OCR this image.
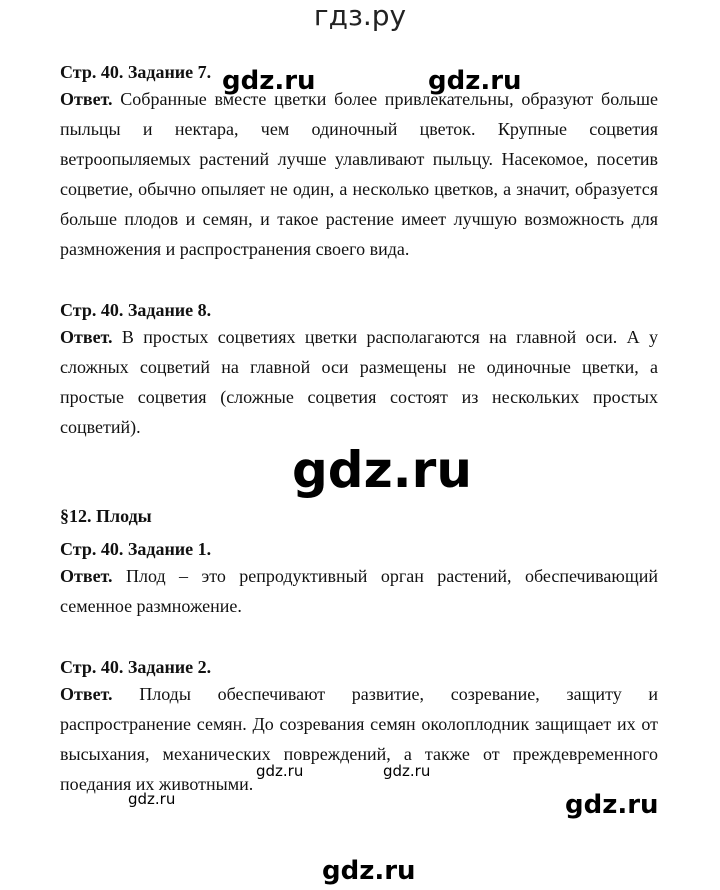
гдз.ру

Стр. 40. Задание 7.

Ответ. Собранные вместе цветки более привлекательны, образуют больше пыльцы и нектара, чем одиночный цветок. Крупные соцветия ветроопыляемых растений лучше улавливают пыльцу. Насекомое, посетив соцветие, обычно опыляет не один, а несколько цветков, а значит, образуется больше плодов и семян, и такое растение имеет лучшую возможность для размножения и распространения своего вида.

Стр. 40. Задание 8.

Ответ. В простых соцветиях цветки располагаются на главной оси. А у сложных соцветий на главной оси размещены не одиночные цветки, а простые соцветия (сложные соцветия состоят из нескольких простых соцветий).

§12. Плоды

Стр. 40. Задание 1.

Ответ. Плод – это репродуктивный орган растений, обеспечивающий семенное размножение.

Стр. 40. Задание 2.

Ответ. Плоды обеспечивают развитие, созревание, защиту и распространение семян. До созревания семян околоплодник защищает их от высыхания, механических повреждений, а также от преждевременного поедания их животными.

gdz.ru	gdz.ru
gdz.ru
gdz.ru	gdz.ru
gdz.ru	gdz.ru
gdz.ru
